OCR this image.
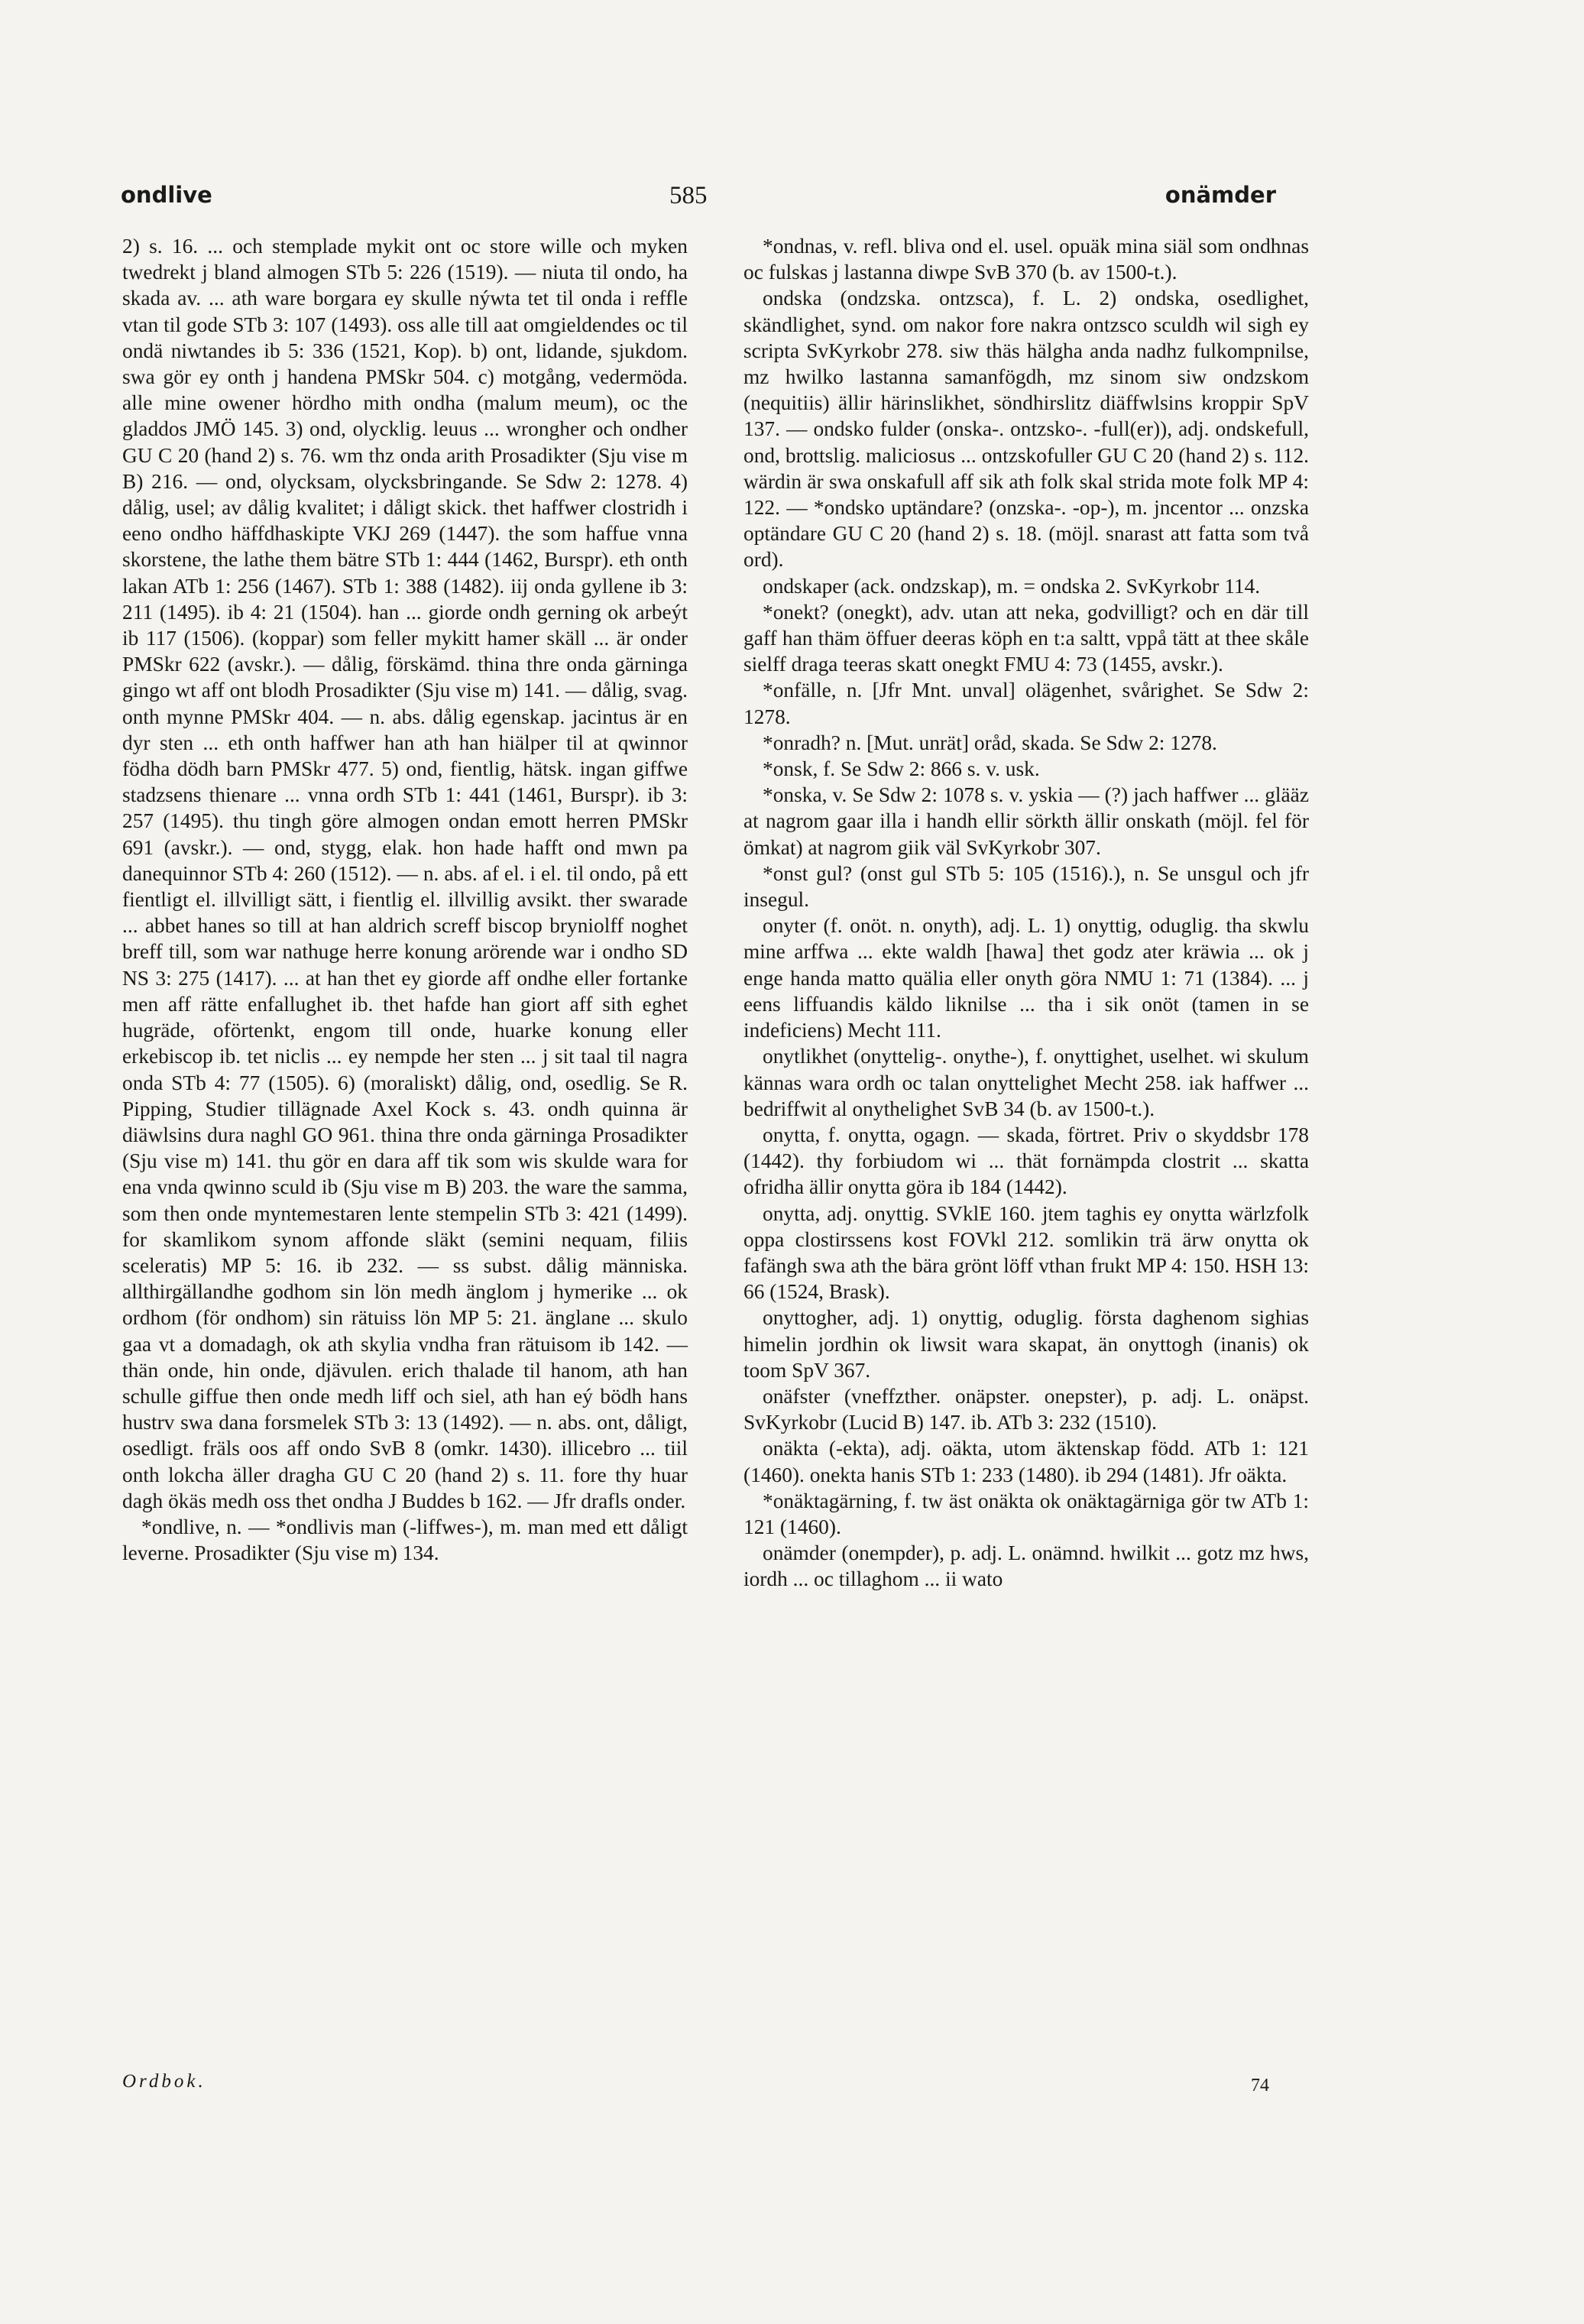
ondlive	585	onämder

2) s. 16. ... och stemplade mykit ont oc store wille och myken twedrekt j bland almogen STb 5: 226 (1519). — niuta til ondo, ha skada av. ... ath ware borgara ey skulle nýwta tet til onda i reffle vtan til gode STb 3: 107 (1493). oss alle till aat omgieldendes oc til ondä niwtandes ib 5: 336 (1521, Kop). b) ont, lidande, sjukdom. swa gör ey onth j handena PMSkr 504. c) motgång, vedermöda. alle mine owener hördho mith ondha (malum meum), oc the gladdos JMÖ 145. 3) ond, olycklig. leuus ... wrongher och ondher GU C 20 (hand 2) s. 76. wm thz onda arith Prosadikter (Sju vise m B) 216. — ond, olycksam, olycksbringande. Se Sdw 2: 1278. 4) dålig, usel; av dålig kvalitet; i dåligt skick. thet haffwer clostridh i eeno ondho häffdhaskipte VKJ 269 (1447). the som haffue vnna skorstene, the lathe them bätre STb 1: 444 (1462, Burspr). eth onth lakan ATb 1: 256 (1467). STb 1: 388 (1482). iij onda gyllene ib 3: 211 (1495). ib 4: 21 (1504). han ... giorde ondh gerning ok arbeýt ib 117 (1506). (koppar) som feller mykitt hamer skäll ... är onder PMSkr 622 (avskr.). — dålig, förskämd. thina thre onda gärninga gingo wt aff ont blodh Prosadikter (Sju vise m) 141. — dålig, svag. onth mynne PMSkr 404. — n. abs. dålig egenskap. jacintus är en dyr sten ... eth onth haffwer han ath han hiälper til at qwinnor födha dödh barn PMSkr 477. 5) ond, fientlig, hätsk. ingan giffwe stadzsens thienare ... vnna ordh STb 1: 441 (1461, Burspr). ib 3: 257 (1495). thu tingh göre almogen ondan emott herren PMSkr 691 (avskr.). — ond, stygg, elak. hon hade hafft ond mwn pa danequinnor STb 4: 260 (1512). — n. abs. af el. i el. til ondo, på ett fientligt el. illvilligt sätt, i fientlig el. illvillig avsikt. ther swarade ... abbet hanes so till at han aldrich screff biscop bryniolff noghet breff till, som war nathuge herre konung arörende war i ondho SD NS 3: 275 (1417). ... at han thet ey giorde aff ondhe eller fortanke men aff rätte enfallughet ib. thet hafde han giort aff sith eghet hugräde, oförtenkt, engom till onde, huarke konung eller erkebiscop ib. tet niclis ... ey nempde her sten ... j sit taal til nagra onda STb 4: 77 (1505). 6) (moraliskt) dålig, ond, osedlig. Se R. Pipping, Studier tillägnade Axel Kock s. 43. ondh quinna är diäwlsins dura naghl GO 961. thina thre onda gärninga Prosadikter (Sju vise m) 141. thu gör en dara aff tik som wis skulde wara for ena vnda qwinno sculd ib (Sju vise m B) 203. the ware the samma, som then onde myntemestaren lente stempelin STb 3: 421 (1499). for skamlikom synom affonde släkt (semini nequam, filiis sceleratis) MP 5: 16. ib 232. — ss subst. dålig människa. allthirgällandhe godhom sin lön medh änglom j hymerike ... ok ordhom (för ondhom) sin rätuiss lön MP 5: 21. änglane ... skulo gaa vt a domadagh, ok ath skylia vndha fran rätuisom ib 142. — thän onde, hin onde, djävulen. erich thalade til hanom, ath han schulle giffue then onde medh liff och siel, ath han eý bödh hans hustrv swa dana forsmelek STb 3: 13 (1492). — n. abs. ont, dåligt, osedligt. fräls oos aff ondo SvB 8 (omkr. 1430). illicebro ... tiil onth lokcha äller dragha GU C 20 (hand 2) s. 11. fore thy huar dagh ökäs medh oss thet ondha J Buddes b 162. — Jfr drafls onder.

*ondlive, n. — *ondlivis man (-liffwes-), m. man med ett dåligt leverne. Prosadikter (Sju vise m) 134.

*ondnas, v. refl. bliva ond el. usel. opuäk mina siäl som ondhnas oc fulskas j lastanna diwpe SvB 370 (b. av 1500-t.).

ondska (ondzska. ontzsca), f. L. 2) ondska, osedlighet, skändlighet, synd. om nakor fore nakra ontzsco sculdh wil sigh ey scripta SvKyrkobr 278. siw thäs hälgha anda nadhz fulkompnilse, mz hwilko lastanna samanfögdh, mz sinom siw ondzskom (nequitiis) ällir härinslikhet, söndhirslitz diäffwlsins kroppir SpV 137. — ondsko fulder (onska-. ontzsko-. -full(er)), adj. ondskefull, ond, brottslig. maliciosus ... ontzskofuller GU C 20 (hand 2) s. 112. wärdin är swa onskafull aff sik ath folk skal strida mote folk MP 4: 122. — *ondsko uptändare? (onzska-. -op-), m. jncentor ... onzska optändare GU C 20 (hand 2) s. 18. (möjl. snarast att fatta som två ord).

ondskaper (ack. ondzskap), m. = ondska 2. SvKyrkobr 114.

*onekt? (onegkt), adv. utan att neka, godvilligt? och en där till gaff han thäm öffuer deeras köph en t:a saltt, vppå tätt at thee skåle sielff draga teeras skatt onegkt FMU 4: 73 (1455, avskr.).

*onfälle, n. [Jfr Mnt. unval] olägenhet, svårighet. Se Sdw 2: 1278.

*onradh? n. [Mut. unrät] oråd, skada. Se Sdw 2: 1278.

*onsk, f. Se Sdw 2: 866 s. v. usk.

*onska, v. Se Sdw 2: 1078 s. v. yskia — (?) jach haffwer ... glääz at nagrom gaar illa i handh ellir sörkth ällir onskath (möjl. fel för ömkat) at nagrom giik väl SvKyrkobr 307.

*onst gul? (onst gul STb 5: 105 (1516).), n. Se unsgul och jfr insegul.

onyter (f. onöt. n. onyth), adj. L. 1) onyttig, oduglig. tha skwlu mine arffwa ... ekte waldh [hawa] thet godz ater kräwia ... ok j enge handa matto quälia eller onyth göra NMU 1: 71 (1384). ... j eens liffuandis käldo liknilse ... tha i sik onöt (tamen in se indeficiens) Mecht 111.

onytlikhet (onyttelig-. onythe-), f. onyttighet, uselhet. wi skulum kännas wara ordh oc talan onyttelighet Mecht 258. iak haffwer ... bedriffwit al onythelighet SvB 34 (b. av 1500-t.).

onytta, f. onytta, ogagn. — skada, förtret. Priv o skyddsbr 178 (1442). thy forbiudom wi ... thät fornämpda clostrit ... skatta ofridha ällir onytta göra ib 184 (1442).

onytta, adj. onyttig. SVklE 160. jtem taghis ey onytta wärlzfolk oppa clostirssens kost FOVkl 212. somlikin trä ärw onytta ok fafängh swa ath the bära grönt löff vthan frukt MP 4: 150. HSH 13: 66 (1524, Brask).

onyttogher, adj. 1) onyttig, oduglig. första daghenom sighias himelin jordhin ok liwsit wara skapat, än onyttogh (inanis) ok toom SpV 367.

onäfster (vneffzther. onäpster. onepster), p. adj. L. onäpst. SvKyrkobr (Lucid B) 147. ib. ATb 3: 232 (1510).

onäkta (-ekta), adj. oäkta, utom äktenskap född. ATb 1: 121 (1460). onekta hanis STb 1: 233 (1480). ib 294 (1481). Jfr oäkta.

*onäktagärning, f. tw äst onäkta ok onäktagärniga gör tw ATb 1: 121 (1460).

onämder (onempder), p. adj. L. onämnd. hwilkit ... gotz mz hws, iordh ... oc tillaghom ... ii wato

Ordbok.	74
